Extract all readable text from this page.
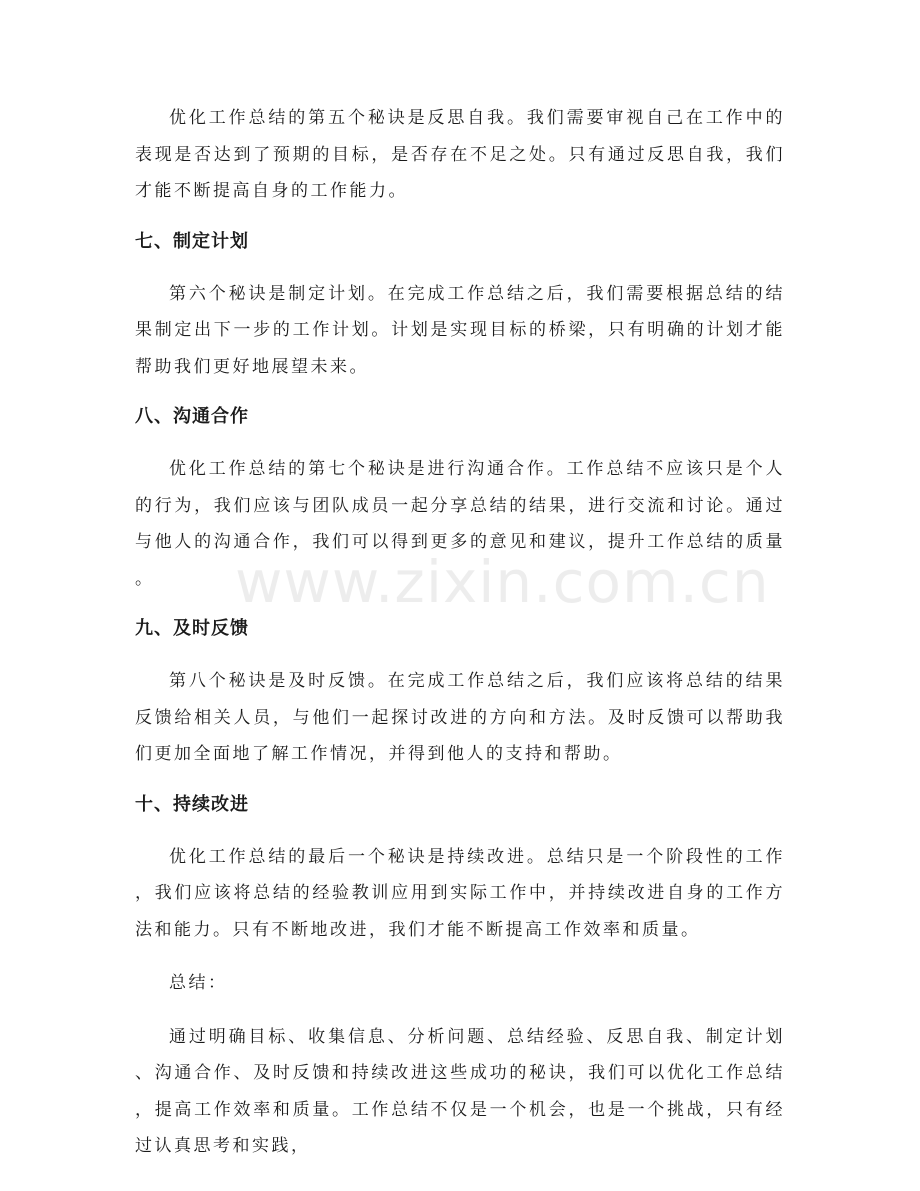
优化工作总结的第五个秘诀是反思自我。我们需要审视自己在工作中的表现是否达到了预期的目标，是否存在不足之处。只有通过反思自我，我们才能不断提高自身的工作能力。

七、制定计划

第六个秘诀是制定计划。在完成工作总结之后，我们需要根据总结的结果制定出下一步的工作计划。计划是实现目标的桥梁，只有明确的计划才能帮助我们更好地展望未来。

八、沟通合作

优化工作总结的第七个秘诀是进行沟通合作。工作总结不应该只是个人的行为，我们应该与团队成员一起分享总结的结果，进行交流和讨论。通过与他人的沟通合作，我们可以得到更多的意见和建议，提升工作总结的质量。

九、及时反馈

第八个秘诀是及时反馈。在完成工作总结之后，我们应该将总结的结果反馈给相关人员，与他们一起探讨改进的方向和方法。及时反馈可以帮助我们更加全面地了解工作情况，并得到他人的支持和帮助。

十、持续改进

优化工作总结的最后一个秘诀是持续改进。总结只是一个阶段性的工作，我们应该将总结的经验教训应用到实际工作中，并持续改进自身的工作方法和能力。只有不断地改进，我们才能不断提高工作效率和质量。

总结：

通过明确目标、收集信息、分析问题、总结经验、反思自我、制定计划、沟通合作、及时反馈和持续改进这些成功的秘诀，我们可以优化工作总结，提高工作效率和质量。工作总结不仅是一个机会，也是一个挑战，只有经过认真思考和实践，

www.zixin.com.cn
